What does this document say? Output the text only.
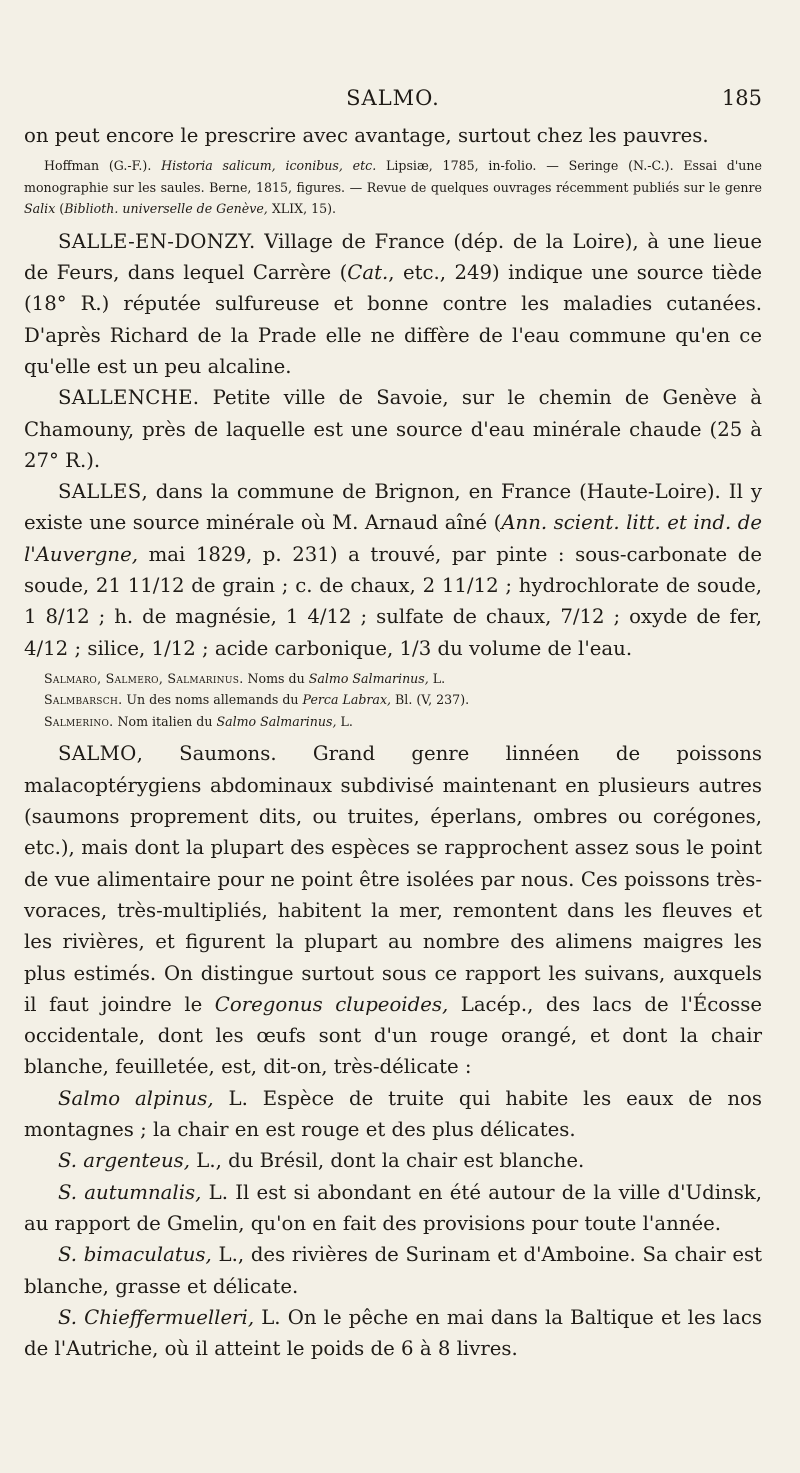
SALMO.	185

on peut encore le prescrire avec avantage, surtout chez les pauvres.

Hoffman (G.-F.). Historia salicum, iconibus, etc. Lipsiæ, 1785, in-folio. — Seringe (N.-C.). Essai d'une monographie sur les saules. Berne, 1815, figures. — Revue de quelques ouvrages récemment publiés sur le genre Salix (Biblioth. universelle de Genève, XLIX, 15).

SALLE-EN-DONZY. Village de France (dép. de la Loire), à une lieue de Feurs, dans lequel Carrère (Cat., etc., 249) indique une source tiède (18° R.) réputée sulfureuse et bonne contre les maladies cutanées. D'après Richard de la Prade elle ne diffère de l'eau commune qu'en ce qu'elle est un peu alcaline.

SALLENCHE. Petite ville de Savoie, sur le chemin de Genève à Chamouny, près de laquelle est une source d'eau minérale chaude (25 à 27° R.).

SALLES, dans la commune de Brignon, en France (Haute-Loire). Il y existe une source minérale où M. Arnaud aîné (Ann. scient. litt. et ind. de l'Auvergne, mai 1829, p. 231) a trouvé, par pinte : sous-carbonate de soude, 21 11/12 de grain ; c. de chaux, 2 11/12 ; hydrochlorate de soude, 1 8/12 ; h. de magnésie, 1 4/12 ; sulfate de chaux, 7/12 ; oxyde de fer, 4/12 ; silice, 1/12 ; acide carbonique, 1/3 du volume de l'eau.

Salmaro, Salmero, Salmarinus. Noms du Salmo Salmarinus, L.

Salmbarsch. Un des noms allemands du Perca Labrax, Bl. (V, 237).

Salmerino. Nom italien du Salmo Salmarinus, L.

SALMO, Saumons. Grand genre linnéen de poissons malacoptérygiens abdominaux subdivisé maintenant en plusieurs autres (saumons proprement dits, ou truites, éperlans, ombres ou corégones, etc.), mais dont la plupart des espèces se rapprochent assez sous le point de vue alimentaire pour ne point être isolées par nous. Ces poissons très-voraces, très-multipliés, habitent la mer, remontent dans les fleuves et les rivières, et figurent la plupart au nombre des alimens maigres les plus estimés. On distingue surtout sous ce rapport les suivans, auxquels il faut joindre le Coregonus clupeoides, Lacép., des lacs de l'Écosse occidentale, dont les œufs sont d'un rouge orangé, et dont la chair blanche, feuilletée, est, dit-on, très-délicate :

Salmo alpinus, L. Espèce de truite qui habite les eaux de nos montagnes ; la chair en est rouge et des plus délicates.

S. argenteus, L., du Brésil, dont la chair est blanche.

S. autumnalis, L. Il est si abondant en été autour de la ville d'Udinsk, au rapport de Gmelin, qu'on en fait des provisions pour toute l'année.

S. bimaculatus, L., des rivières de Surinam et d'Amboine. Sa chair est blanche, grasse et délicate.

S. Chieffermuelleri, L. On le pêche en mai dans la Baltique et les lacs de l'Autriche, où il atteint le poids de 6 à 8 livres.
